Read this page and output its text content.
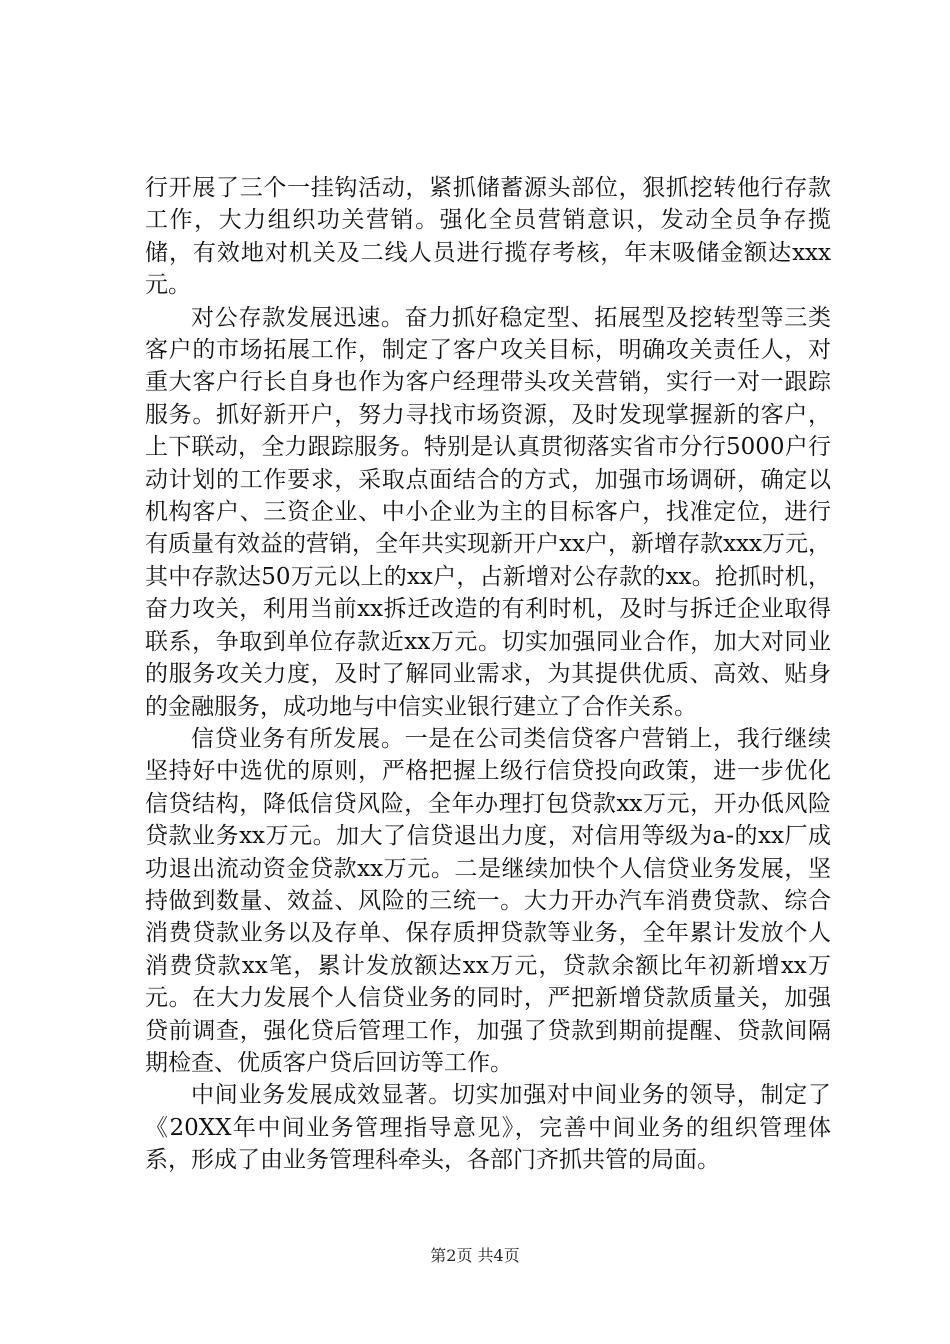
行开展了三个一挂钩活动，紧抓储蓄源头部位，狠抓挖转他行存款工作，大力组织功关营销。强化全员营销意识，发动全员争存揽储，有效地对机关及二线人员进行揽存考核，年末吸储金额达xxx元。

对公存款发展迅速。奋力抓好稳定型、拓展型及挖转型等三类客户的市场拓展工作，制定了客户攻关目标，明确攻关责任人，对重大客户行长自身也作为客户经理带头攻关营销，实行一对一跟踪服务。抓好新开户，努力寻找市场资源，及时发现掌握新的客户，上下联动，全力跟踪服务。特别是认真贯彻落实省市分行5000户行动计划的工作要求，采取点面结合的方式，加强市场调研，确定以机构客户、三资企业、中小企业为主的目标客户，找准定位，进行有质量有效益的营销，全年共实现新开户xx户，新增存款xxx万元，其中存款达50万元以上的xx户，占新增对公存款的xx。抢抓时机，奋力攻关，利用当前xx拆迁改造的有利时机，及时与拆迁企业取得联系，争取到单位存款近xx万元。切实加强同业合作，加大对同业的服务攻关力度，及时了解同业需求，为其提供优质、高效、贴身的金融服务，成功地与中信实业银行建立了合作关系。

信贷业务有所发展。一是在公司类信贷客户营销上，我行继续坚持好中选优的原则，严格把握上级行信贷投向政策，进一步优化信贷结构，降低信贷风险，全年办理打包贷款xx万元，开办低风险贷款业务xx万元。加大了信贷退出力度，对信用等级为a-的xx厂成功退出流动资金贷款xx万元。二是继续加快个人信贷业务发展，坚持做到数量、效益、风险的三统一。大力开办汽车消费贷款、综合消费贷款业务以及存单、保存质押贷款等业务，全年累计发放个人消费贷款xx笔，累计发放额达xx万元，贷款余额比年初新增xx万元。在大力发展个人信贷业务的同时，严把新增贷款质量关，加强贷前调查，强化贷后管理工作，加强了贷款到期前提醒、贷款间隔期检查、优质客户贷后回访等工作。

中间业务发展成效显著。切实加强对中间业务的领导，制定了《20XX年中间业务管理指导意见》，完善中间业务的组织管理体系，形成了由业务管理科牵头，各部门齐抓共管的局面。

第2页 共4页
